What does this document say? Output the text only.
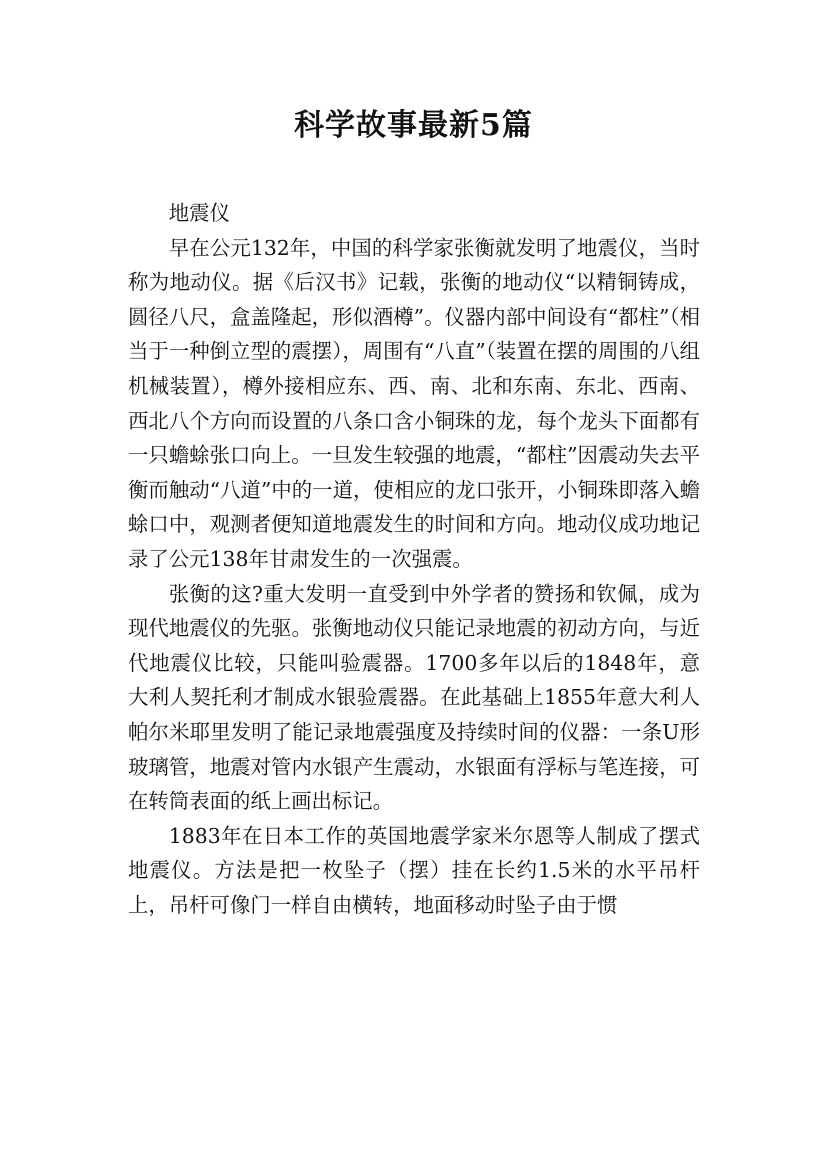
科学故事最新5篇

地震仪

早在公元132年，中国的科学家张衡就发明了地震仪，当时称为地动仪。据《后汉书》记载，张衡的地动仪“以精铜铸成，圆径八尺，盒盖隆起，形似酒樽”。仪器内部中间设有“都柱”（相当于一种倒立型的震摆），周围有“八直”（装置在摆的周围的八组机械装置），樽外接相应东、西、南、北和东南、东北、西南、西北八个方向而设置的八条口含小铜珠的龙，每个龙头下面都有一只蟾蜍张口向上。一旦发生较强的地震，“都柱”因震动失去平衡而触动“八道”中的一道，使相应的龙口张开，小铜珠即落入蟾蜍口中，观测者便知道地震发生的时间和方向。地动仪成功地记录了公元138年甘肃发生的一次强震。

张衡的这?重大发明一直受到中外学者的赞扬和钦佩，成为现代地震仪的先驱。张衡地动仪只能记录地震的初动方向，与近代地震仪比较，只能叫验震器。1700多年以后的1848年，意大利人契托利才制成水银验震器。在此基础上1855年意大利人帕尔米耶里发明了能记录地震强度及持续时间的仪器：一条U形玻璃管，地震对管内水银产生震动，水银面有浮标与笔连接，可在转筒表面的纸上画出标记。

1883年在日本工作的英国地震学家米尔恩等人制成了摆式地震仪。方法是把一枚坠子（摆）挂在长约1.5米的水平吊杆上，吊杆可像门一样自由横转，地面移动时坠子由于惯
